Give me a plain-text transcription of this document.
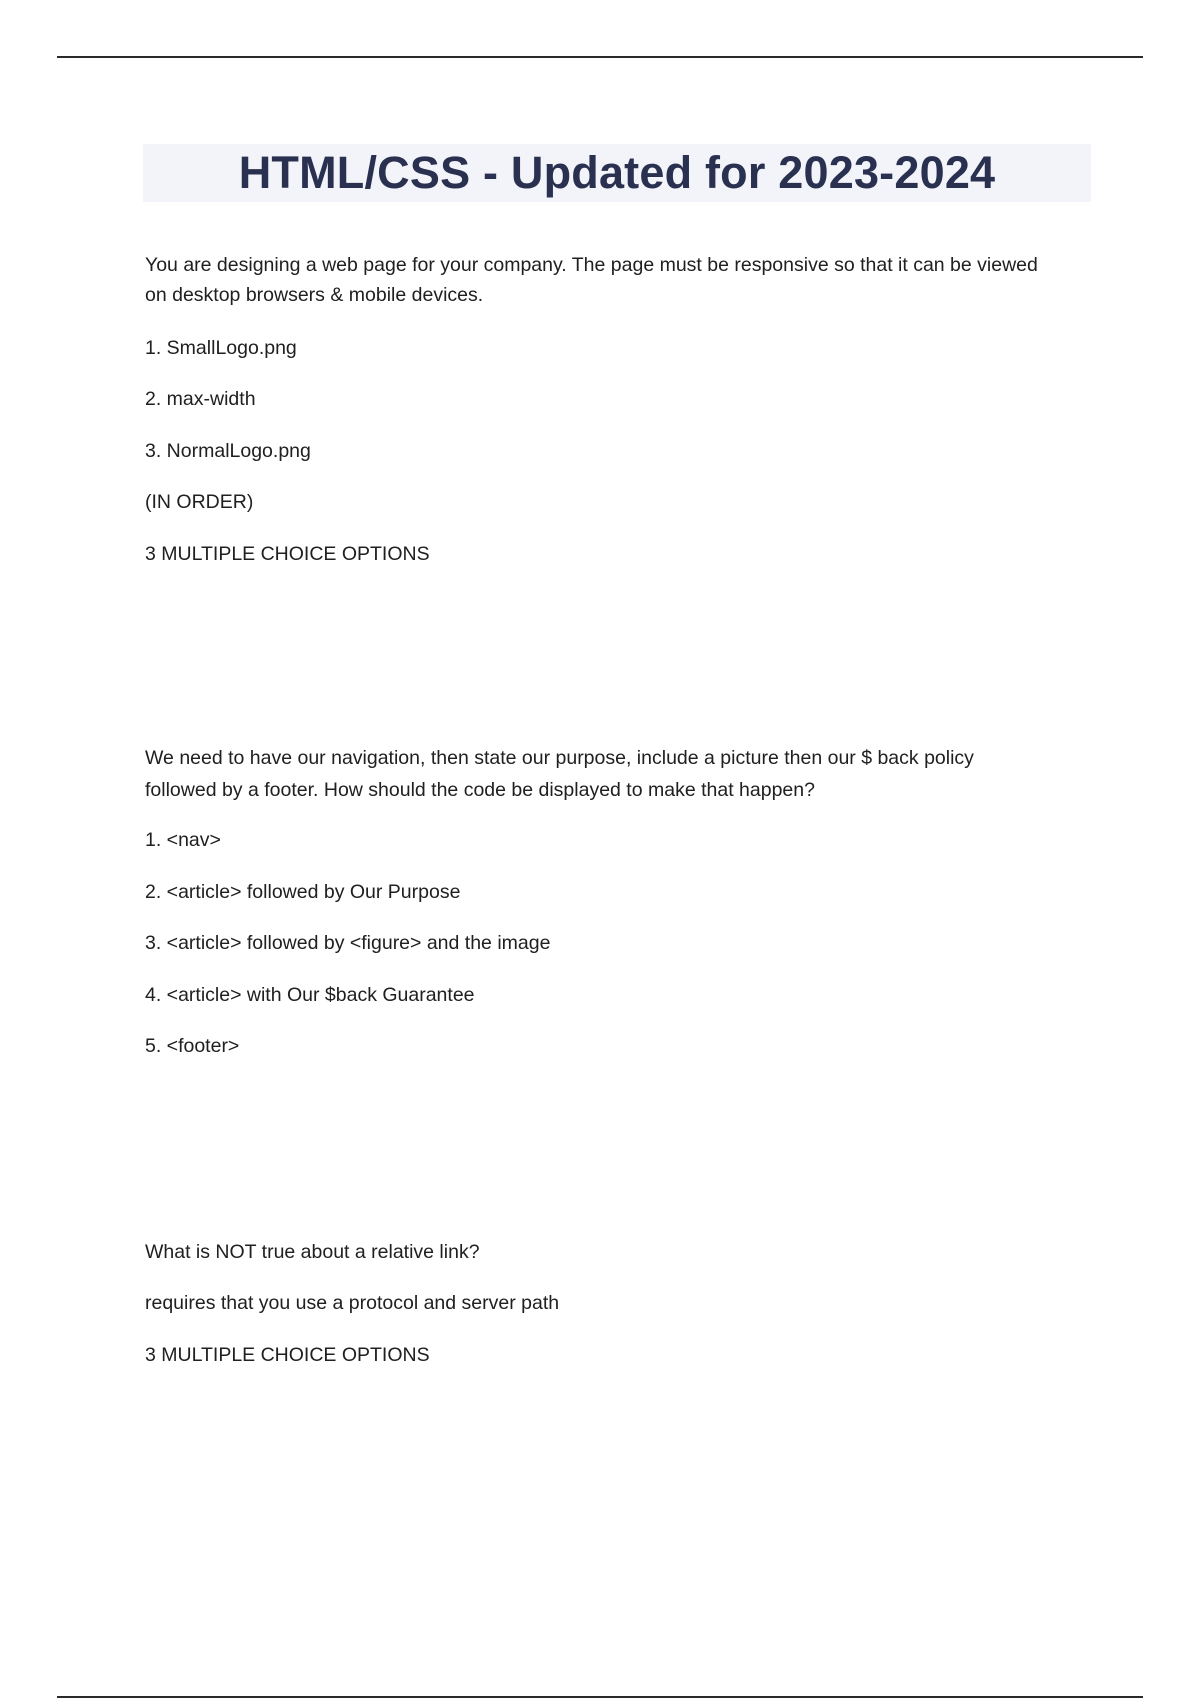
HTML/CSS - Updated for 2023-2024

You are designing a web page for your company. The page must be responsive so that it can be viewed

on desktop browsers & mobile devices.

1. SmallLogo.png

2. max-width

3. NormalLogo.png

(IN ORDER)

3 MULTIPLE CHOICE OPTIONS

We need to have our navigation, then state our purpose, include a picture then our $ back policy

followed by a footer. How should the code be displayed to make that happen?

1. <nav>

2. <article> followed by Our Purpose

3. <article> followed by <figure> and the image

4. <article> with Our $back Guarantee

5. <footer>

What is NOT true about a relative link?

requires that you use a protocol and server path

3 MULTIPLE CHOICE OPTIONS
